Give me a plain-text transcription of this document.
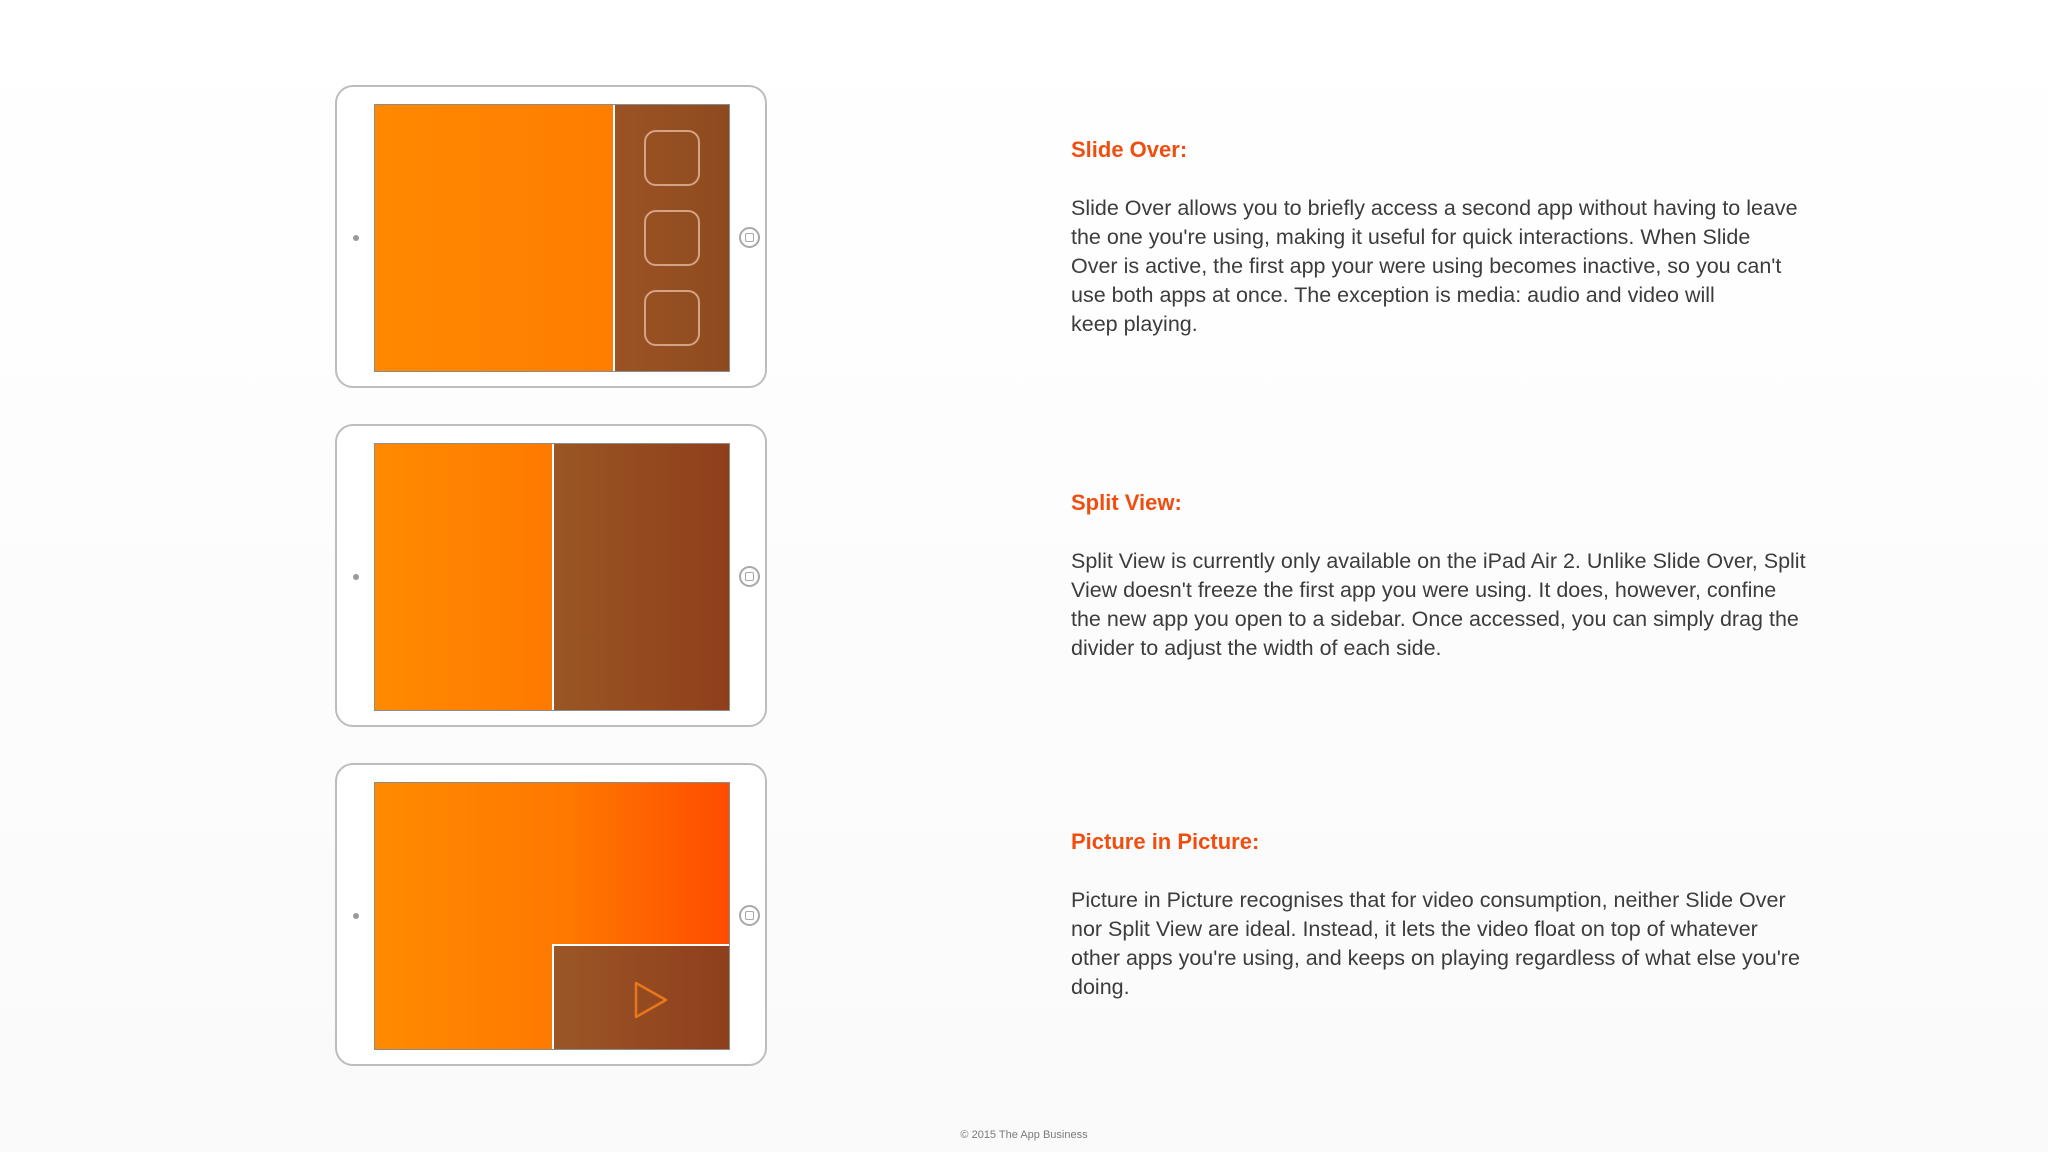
Slide Over:

Slide Over allows you to briefly access a second app without having to leave
the one you're using, making it useful for quick interactions. When Slide
Over is active, the first app your were using becomes inactive, so you can't
use both apps at once. The exception is media: audio and video will
keep playing.

Split View:

Split View is currently only available on the iPad Air 2. Unlike Slide Over, Split
View doesn't freeze the first app you were using. It does, however, confine
the new app you open to a sidebar. Once accessed, you can simply drag the
divider to adjust the width of each side.

Picture in Picture:

Picture in Picture recognises that for video consumption, neither Slide Over
nor Split View are ideal. Instead, it lets the video float on top of whatever
other apps you're using, and keeps on playing regardless of what else you're
doing.

© 2015 The App Business
